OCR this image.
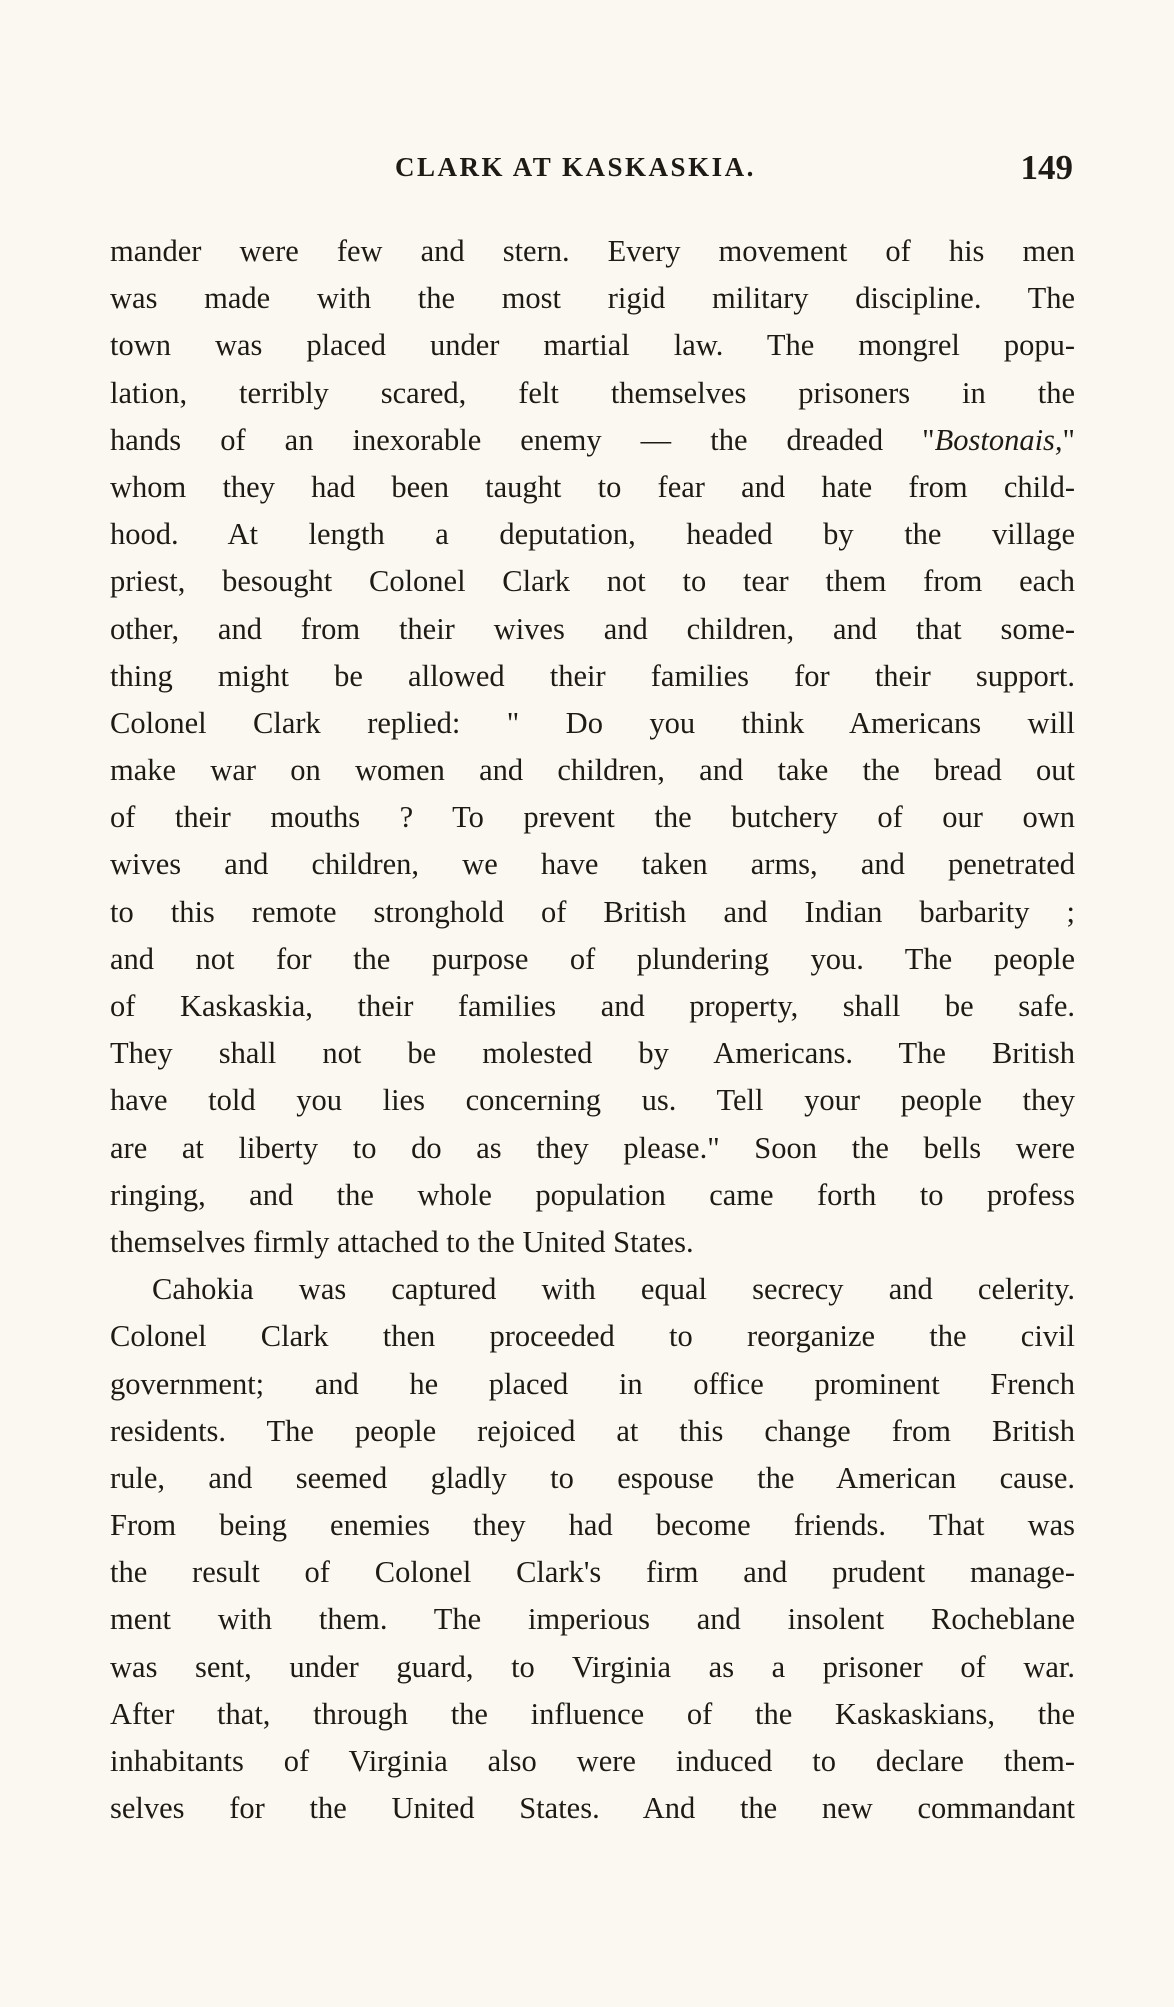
CLARK AT KASKASKIA.	149
mander were few and stern. Every movement of his men
was made with the most rigid military discipline. The
town was placed under martial law. The mongrel popu-
lation, terribly scared, felt themselves prisoners in the
hands of an inexorable enemy — the dreaded "Bostonais,"
whom they had been taught to fear and hate from child-
hood. At length a deputation, headed by the village
priest, besought Colonel Clark not to tear them from each
other, and from their wives and children, and that some-
thing might be allowed their families for their support.
Colonel Clark replied: " Do you think Americans will
make war on women and children, and take the bread out
of their mouths ? To prevent the butchery of our own
wives and children, we have taken arms, and penetrated
to this remote stronghold of British and Indian barbarity ;
and not for the purpose of plundering you. The people
of Kaskaskia, their families and property, shall be safe.
They shall not be molested by Americans. The British
have told you lies concerning us. Tell your people they
are at liberty to do as they please." Soon the bells were
ringing, and the whole population came forth to profess
themselves firmly attached to the United States.
Cahokia was captured with equal secrecy and celerity.
Colonel Clark then proceeded to reorganize the civil
government; and he placed in office prominent French
residents. The people rejoiced at this change from British
rule, and seemed gladly to espouse the American cause.
From being enemies they had become friends. That was
the result of Colonel Clark's firm and prudent manage-
ment with them. The imperious and insolent Rocheblane
was sent, under guard, to Virginia as a prisoner of war.
After that, through the influence of the Kaskaskians, the
inhabitants of Virginia also were induced to declare them-
selves for the United States. And the new commandant
